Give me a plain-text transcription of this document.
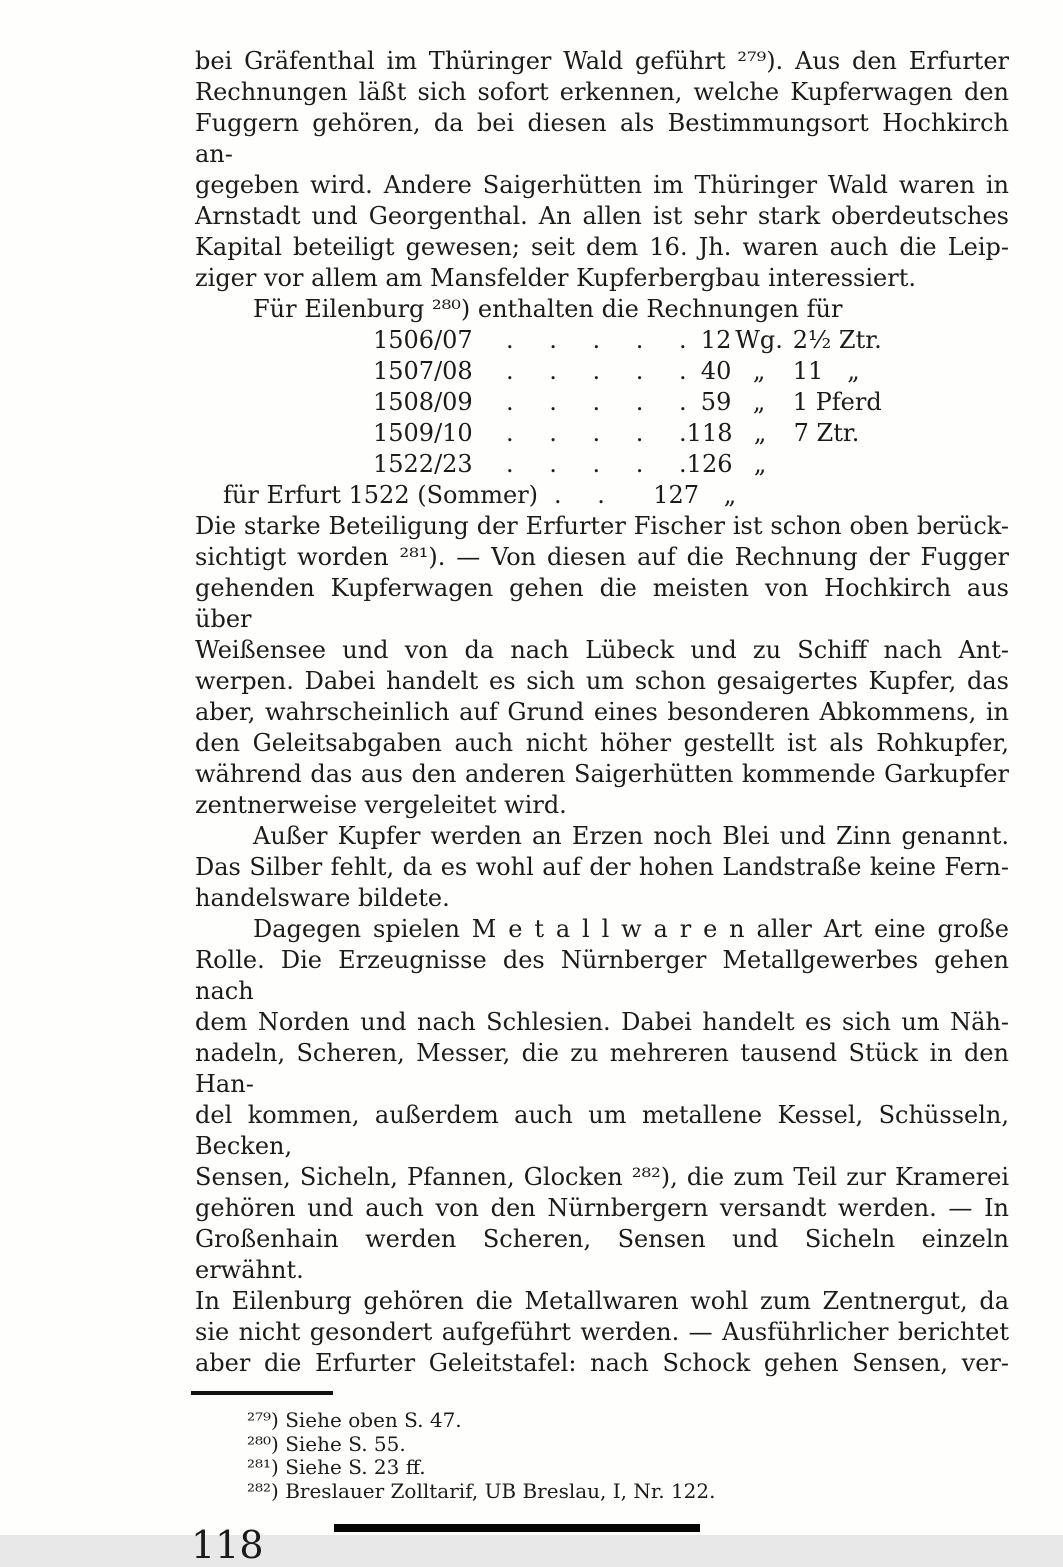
bei Gräfenthal im Thüringer Wald geführt ²⁷⁹). Aus den Erfurter
Rechnungen läßt sich sofort erkennen, welche Kupferwagen den
Fuggern gehören, da bei diesen als Bestimmungsort Hochkirch an-
gegeben wird. Andere Saigerhütten im Thüringer Wald waren in
Arnstadt und Georgenthal. An allen ist sehr stark oberdeutsches
Kapital beteiligt gewesen; seit dem 16. Jh. waren auch die Leip-
ziger vor allem am Mansfelder Kupferbergbau interessiert.
Für Eilenburg ²⁸⁰) enthalten die Rechnungen für
1506/07	. . . . . 12 Wg. 2½ Ztr.
1507/08	. . . . . 40 „	11  „
1508/09	. . . . . 59 „	1 Pferd
1509/10	. . . . . 118 „	7 Ztr.
1522/23	. . . . . 126 „
für Erfurt 1522 (Sommer) . .	127	„
Die starke Beteiligung der Erfurter Fischer ist schon oben berück-
sichtigt worden ²⁸¹). — Von diesen auf die Rechnung der Fugger
gehenden Kupferwagen gehen die meisten von Hochkirch aus über
Weißensee und von da nach Lübeck und zu Schiff nach Ant-
werpen. Dabei handelt es sich um schon gesaigertes Kupfer, das
aber, wahrscheinlich auf Grund eines besonderen Abkommens, in
den Geleitsabgaben auch nicht höher gestellt ist als Rohkupfer,
während das aus den anderen Saigerhütten kommende Garkupfer
zentnerweise vergeleitet wird.
Außer Kupfer werden an Erzen noch Blei und Zinn genannt.
Das Silber fehlt, da es wohl auf der hohen Landstraße keine Fern-
handelsware bildete.
Dagegen spielen M e t a l l w a r e n aller Art eine große
Rolle. Die Erzeugnisse des Nürnberger Metallgewerbes gehen nach
dem Norden und nach Schlesien. Dabei handelt es sich um Näh-
nadeln, Scheren, Messer, die zu mehreren tausend Stück in den Han-
del kommen, außerdem auch um metallene Kessel, Schüsseln, Becken,
Sensen, Sicheln, Pfannen, Glocken ²⁸²), die zum Teil zur Kramerei
gehören und auch von den Nürnbergern versandt werden. — In
Großenhain werden Scheren, Sensen und Sicheln einzeln erwähnt.
In Eilenburg gehören die Metallwaren wohl zum Zentnergut, da
sie nicht gesondert aufgeführt werden. — Ausführlicher berichtet
aber die Erfurter Geleitstafel: nach Schock gehen Sensen, ver-
²⁷⁹) Siehe oben S. 47.
²⁸⁰) Siehe S. 55.
²⁸¹) Siehe S. 23 ff.
²⁸²) Breslauer Zolltarif, UB Breslau, I, Nr. 122.
118
